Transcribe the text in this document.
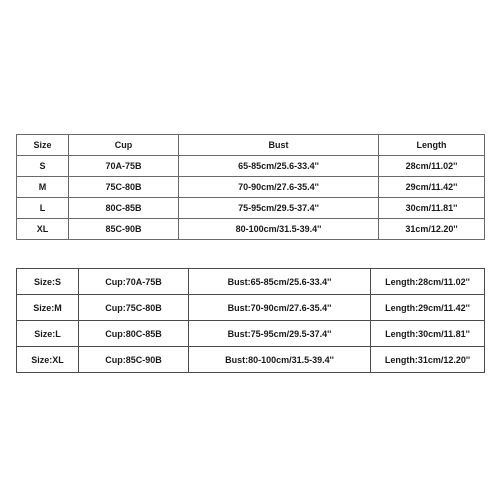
Size	Cup	Bust	Length
S	70A-75B	65-85cm/25.6-33.4''	28cm/11.02''
M	75C-80B	70-90cm/27.6-35.4''	29cm/11.42''
L	80C-85B	75-95cm/29.5-37.4''	30cm/11.81''
XL	85C-90B	80-100cm/31.5-39.4''	31cm/12.20''
Size:S	Cup:70A-75B	Bust:65-85cm/25.6-33.4''	Length:28cm/11.02''
Size:M	Cup:75C-80B	Bust:70-90cm/27.6-35.4''	Length:29cm/11.42''
Size:L	Cup:80C-85B	Bust:75-95cm/29.5-37.4''	Length:30cm/11.81''
Size:XL	Cup:85C-90B	Bust:80-100cm/31.5-39.4''	Length:31cm/12.20''
